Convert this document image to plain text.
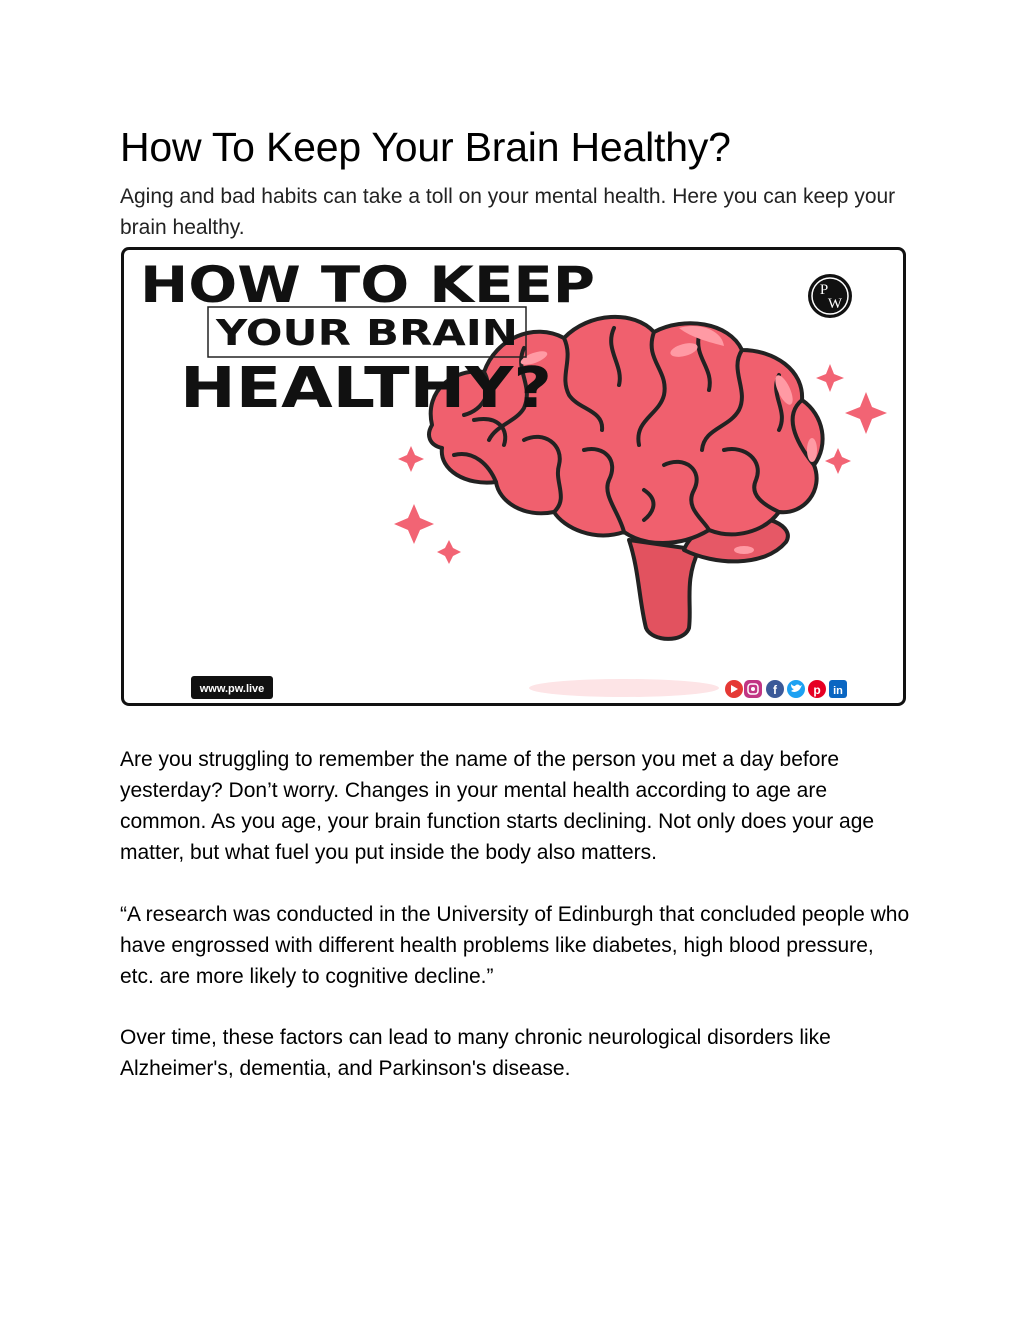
How To Keep Your Brain Healthy?

Aging and bad habits can take a toll on your mental health. Here you can keep your brain healthy.

HOW TO KEEP
YOUR BRAIN
HEALTHY?
P
W
www.pw.live	f	p in

Are you struggling to remember the name of the person you met a day before yesterday? Don’t worry. Changes in your mental health according to age are common. As you age, your brain function starts declining. Not only does your age matter, but what fuel you put inside the body also matters.

“A research was conducted in the University of Edinburgh that concluded people who have engrossed with different health problems like diabetes, high blood pressure, etc. are more likely to cognitive decline.”

Over time, these factors can lead to many chronic neurological disorders like Alzheimer's, dementia, and Parkinson's disease.
